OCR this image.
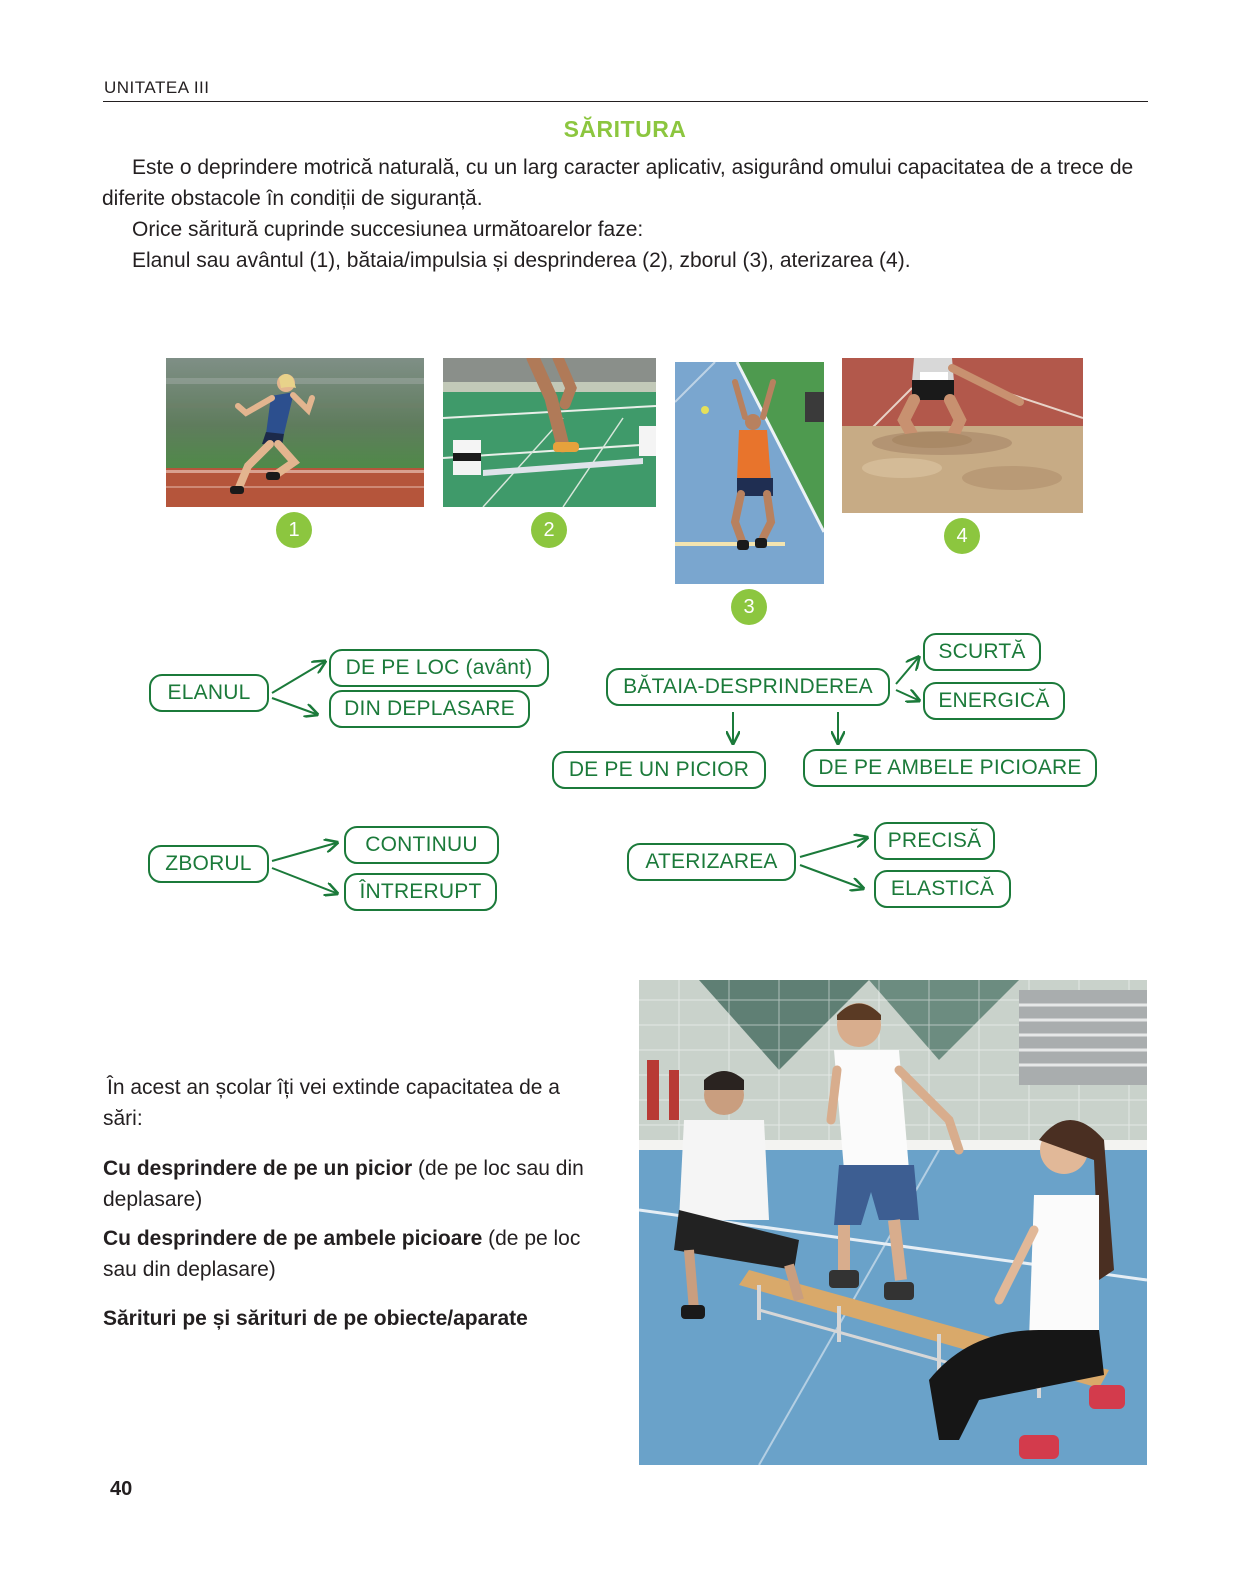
UNITATEA III
SĂRITURA
Este o deprindere motrică naturală, cu un larg caracter aplicativ, asigurând omului capacitatea de a trece de diferite obstacole în condiții de siguranță.
Orice săritură cuprinde succesiunea următoarelor faze:
Elanul sau avântul (1), bătaia/impulsia și desprinderea (2), zborul (3), aterizarea (4).
1	2
3
4
ELANUL
DE PE LOC (avânt)
DIN DEPLASARE
BĂTAIA-DESPRINDEREA
SCURTĂ
ENERGICĂ
DE PE UN PICIOR	DE PE AMBELE PICIOARE
ZBORUL
CONTINUU
ÎNTRERUPT
ATERIZAREA
PRECISĂ
ELASTICĂ
În acest an școlar îți vei extinde capacitatea de a sări:
Cu desprindere de pe un picior (de pe loc sau din deplasare)
Cu desprindere de pe ambele picioare (de pe loc sau din deplasare)
Sărituri pe și sărituri de pe obiecte/aparate
40
